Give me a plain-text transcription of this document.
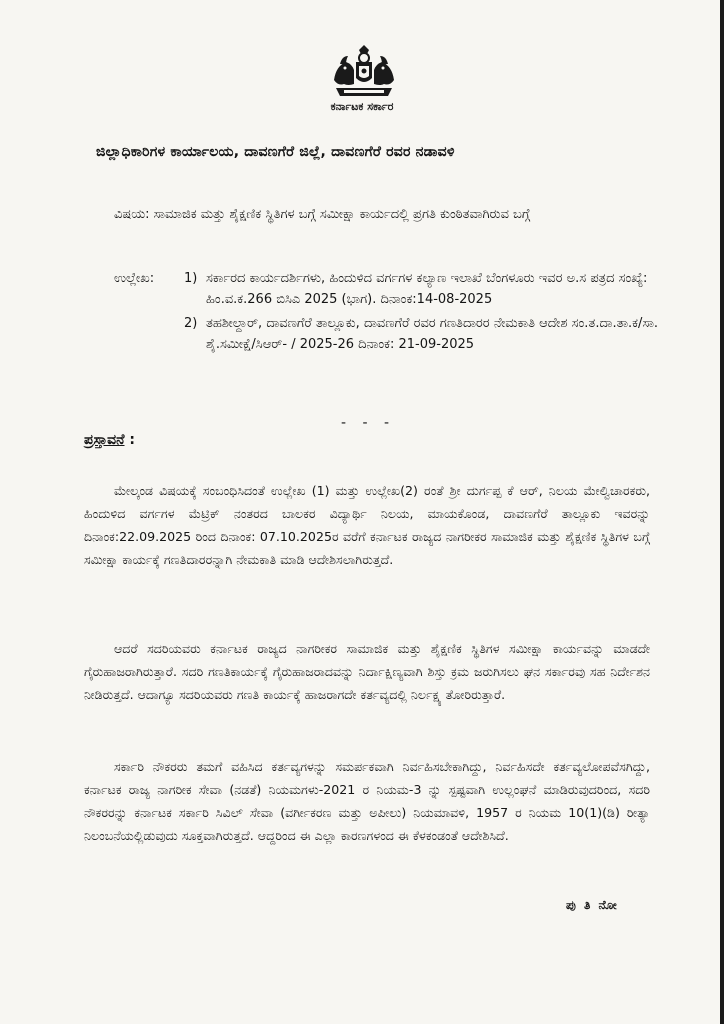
ಕರ್ನಾಟಕ ಸರ್ಕಾರ
ಜಿಲ್ಲಾಧಿಕಾರಿಗಳ ಕಾರ್ಯಾಲಯ, ದಾವಣಗೆರೆ ಜಿಲ್ಲೆ, ದಾವಣಗೆರೆ ರವರ ನಡಾವಳಿ
ವಿಷಯ: ಸಾಮಾಜಿಕ ಮತ್ತು ಶೈಕ್ಷಣಿಕ ಸ್ಥಿತಿಗಳ ಬಗ್ಗೆ ಸಮೀಕ್ಷಾ ಕಾರ್ಯದಲ್ಲಿ ಪ್ರಗತಿ ಕುಂಠಿತವಾಗಿರುವ ಬಗ್ಗೆ
ಉಲ್ಲೇಖ:	1) ಸರ್ಕಾರದ ಕಾರ್ಯದರ್ಶಿಗಳು, ಹಿಂದುಳಿದ ವರ್ಗಗಳ ಕಲ್ಯಾಣ ಇಲಾಖೆ ಬೆಂಗಳೂರು ಇವರ ಅ.ಸ ಪತ್ರದ ಸಂಖ್ಯೆ: ಹಿಂ.ವ.ಕ.266 ಬಿಸಿಎ 2025 (ಭಾಗ). ದಿನಾಂಕ:14-08-2025
2) ತಹಶೀಲ್ದಾರ್, ದಾವಣಗೆರೆ ತಾಲ್ಲೂಕು, ದಾವಣಗೆರೆ ರವರ ಗಣತಿದಾರರ ನೇಮಕಾತಿ ಆದೇಶ ಸಂ.ತ.ದಾ.ತಾ.ಕ/ಸಾ. ಶೈ.ಸಮೀಕ್ಷೆ/ಸಿಆರ್- / 2025-26 ದಿನಾಂಕ: 21-09-2025
- - -
ಪ್ರಸ್ತಾವನೆ :

ಮೇಲ್ಕಂಡ ವಿಷಯಕ್ಕೆ ಸಂಬಂಧಿಸಿದಂತೆ ಉಲ್ಲೇಖ (1) ಮತ್ತು ಉಲ್ಲೇಖ(2) ರಂತೆ ಶ್ರೀ ದುರ್ಗಪ್ಪ ಕೆ ಆರ್, ನಿಲಯ ಮೇಲ್ವಿಚಾರಕರು, ಹಿಂದುಳಿದ ವರ್ಗಗಳ ಮೆಟ್ರಿಕ್ ನಂತರದ ಬಾಲಕರ ವಿದ್ಯಾರ್ಥಿ ನಿಲಯ, ಮಾಯಕೊಂಡ, ದಾವಣಗೆರೆ ತಾಲ್ಲೂಕು ಇವರನ್ನು ದಿನಾಂಕ:22.09.2025 ರಿಂದ ದಿನಾಂಕ: 07.10.2025ರ ವರೆಗೆ ಕರ್ನಾಟಕ ರಾಜ್ಯದ ನಾಗರೀಕರ ಸಾಮಾಜಿಕ ಮತ್ತು ಶೈಕ್ಷಣಿಕ ಸ್ಥಿತಿಗಳ ಬಗ್ಗೆ ಸಮೀಕ್ಷಾ ಕಾರ್ಯಕ್ಕೆ ಗಣತಿದಾರರನ್ನಾಗಿ ನೇಮಕಾತಿ ಮಾಡಿ ಆದೇಶಿಸಲಾಗಿರುತ್ತದೆ.

ಆದರೆ ಸದರಿಯವರು ಕರ್ನಾಟಕ ರಾಜ್ಯದ ನಾಗರೀಕರ ಸಾಮಾಜಿಕ ಮತ್ತು ಶೈಕ್ಷಣಿಕ ಸ್ಥಿತಿಗಳ ಸಮೀಕ್ಷಾ ಕಾರ್ಯವನ್ನು ಮಾಡದೇ ಗೈರುಹಾಜರಾಗಿರುತ್ತಾರೆ. ಸದರಿ ಗಣತಿಕಾರ್ಯಕ್ಕೆ ಗೈರುಹಾಜರಾದವನ್ನು ನಿರ್ದಾಕ್ಷಿಣ್ಯವಾಗಿ ಶಿಸ್ತು ಕ್ರಮ ಜರುಗಿಸಲು ಘನ ಸರ್ಕಾರವು ಸಹ ನಿರ್ದೇಶನ ನೀಡಿರುತ್ತದೆ. ಆದಾಗ್ಯೂ ಸದರಿಯವರು ಗಣತಿ ಕಾರ್ಯಕ್ಕೆ ಹಾಜರಾಗದೇ ಕರ್ತವ್ಯದಲ್ಲಿ ನಿರ್ಲಕ್ಷ್ಯ ತೋರಿರುತ್ತಾರೆ.

ಸರ್ಕಾರಿ ನೌಕರರು ತಮಗೆ ವಹಿಸಿದ ಕರ್ತವ್ಯಗಳನ್ನು ಸಮರ್ಪಕವಾಗಿ ನಿರ್ವಹಿಸಬೇಕಾಗಿದ್ದು, ನಿರ್ವಹಿಸದೇ ಕರ್ತವ್ಯಲೋಪವೆಸಗಿದ್ದು, ಕರ್ನಾಟಕ ರಾಜ್ಯ ನಾಗರೀಕ ಸೇವಾ (ನಡತೆ) ನಿಯಮಗಳು-2021 ರ ನಿಯಮ-3 ನ್ನು ಸ್ಪಷ್ಟವಾಗಿ ಉಲ್ಲಂಘನೆ ಮಾಡಿರುವುದರಿಂದ, ಸದರಿ ನೌಕರರನ್ನು ಕರ್ನಾಟಕ ಸರ್ಕಾರಿ ಸಿವಿಲ್ ಸೇವಾ (ವರ್ಗೀಕರಣ ಮತ್ತು ಅಪೀಲು) ನಿಯಮಾವಳಿ, 1957 ರ ನಿಯಮ 10(1)(ಡಿ) ರೀತ್ಯಾ ನಿಲಂಬನೆಯಲ್ಲಿಡುವುದು ಸೂಕ್ತವಾಗಿರುತ್ತದೆ. ಆದ್ದರಿಂದ ಈ ಎಲ್ಲಾ ಕಾರಣಗಳಂದ ಈ ಕೆಳಕಂಡಂತೆ ಆದೇಶಿಸಿದೆ.

ಪು ತಿ ನೋ
